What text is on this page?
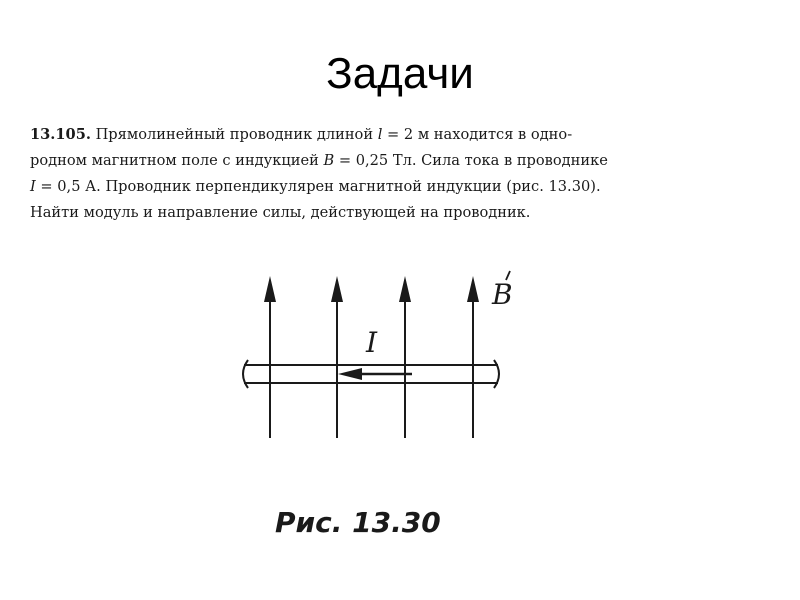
Задачи

13.105. Прямолинейный проводник длиной l = 2 м находится в одно-

родном магнитном поле с индукцией B = 0,25 Тл. Сила тока в проводнике

I = 0,5 А. Проводник перпендикулярен магнитной индукции (рис. 13.30).

Найти модуль и направление силы, действующей на проводник.

I
B
Рис. 13.30
